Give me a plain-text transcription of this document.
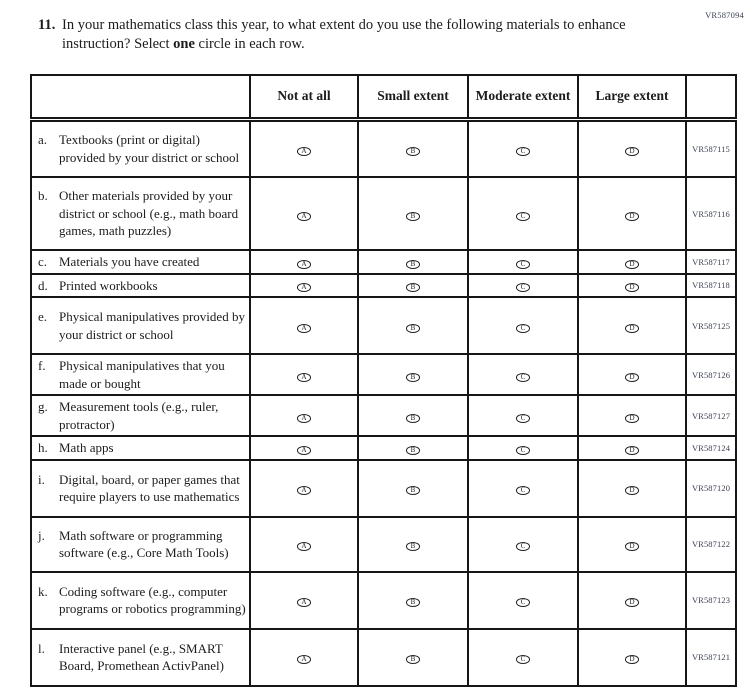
VR587094
11. In your mathematics class this year, to what extent do you use the following materials to enhance instruction? Select one circle in each row.
	Not at all	Small extent	Moderate extent	Large extent	

a. Textbooks (print or digital) provided by your district or school	A	B	C	D	VR587115

b. Other materials provided by your district or school (e.g., math board games, math puzzles)	A	B	C	D	VR587116

c. Materials you have created	A	B	C	D	VR587117

d. Printed workbooks	A	B	C	D	VR587118

e. Physical manipulatives provided by your district or school	A	B	C	D	VR587125

f. Physical manipulatives that you made or bought	A	B	C	D	VR587126

g. Measurement tools (e.g., ruler, protractor)	A	B	C	D	VR587127

h. Math apps	A	B	C	D	VR587124

i. Digital, board, or paper games that require players to use mathematics	A	B	C	D	VR587120

j. Math software or programming software (e.g., Core Math Tools)	A	B	C	D	VR587122

k. Coding software (e.g., computer programs or robotics programming)	A	B	C	D	VR587123

l. Interactive panel (e.g., SMART Board, Promethean ActivPanel)	A	B	C	D	VR587121
